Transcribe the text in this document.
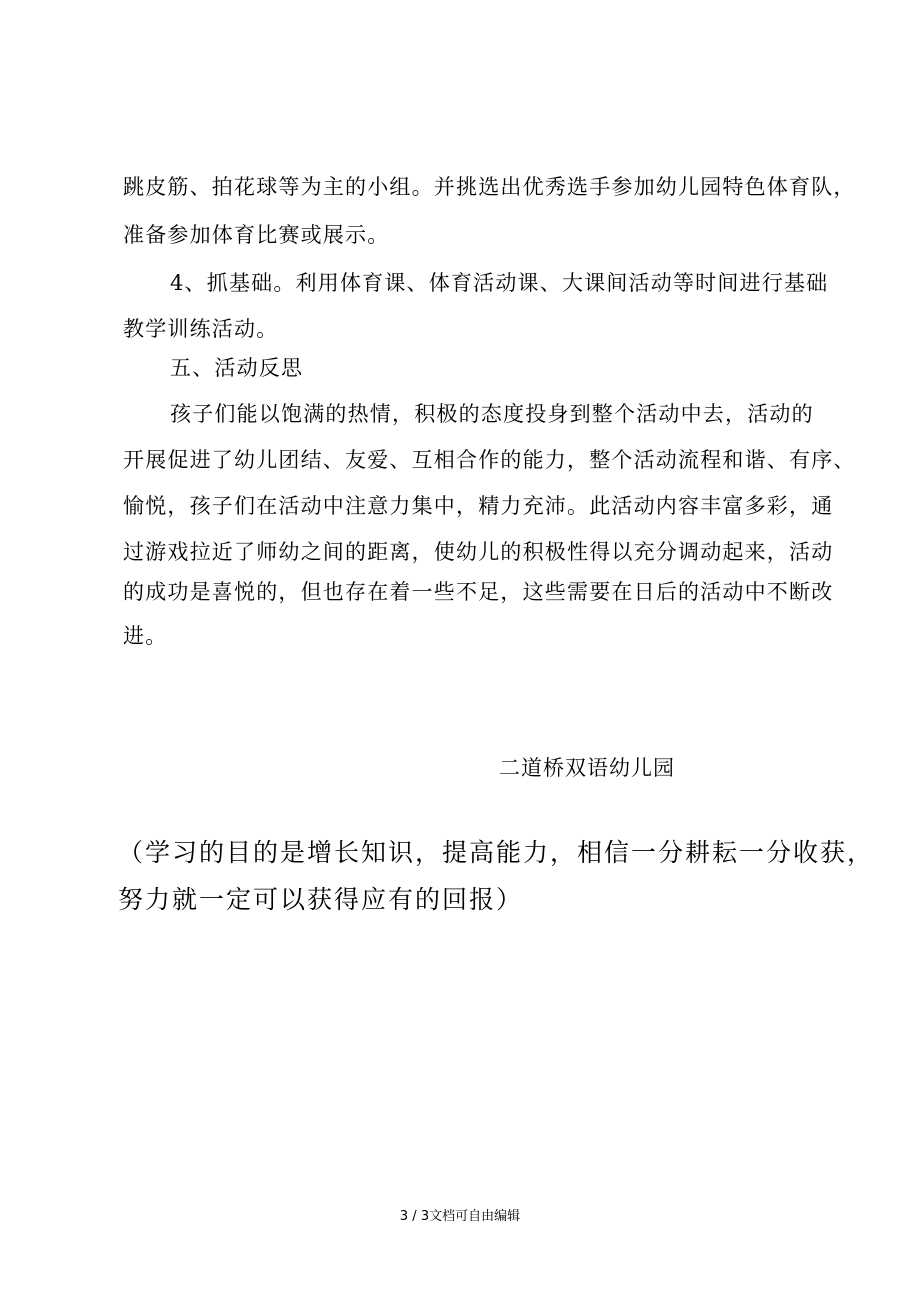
跳皮筋、拍花球等为主的小组。并挑选出优秀选手参加幼儿园特色体育队，
准备参加体育比赛或展示。
4、抓基础。利用体育课、体育活动课、大课间活动等时间进行基础
教学训练活动。
五、活动反思
孩子们能以饱满的热情，积极的态度投身到整个活动中去，活动的
开展促进了幼儿团结、友爱、互相合作的能力，整个活动流程和谐、有序、
愉悦，孩子们在活动中注意力集中，精力充沛。此活动内容丰富多彩，通
过游戏拉近了师幼之间的距离，使幼儿的积极性得以充分调动起来，活动
的成功是喜悦的，但也存在着一些不足，这些需要在日后的活动中不断改
进。
二道桥双语幼儿园
（学习的目的是增长知识，提高能力，相信一分耕耘一分收获，
努力就一定可以获得应有的回报）
3 / 3文档可自由编辑
